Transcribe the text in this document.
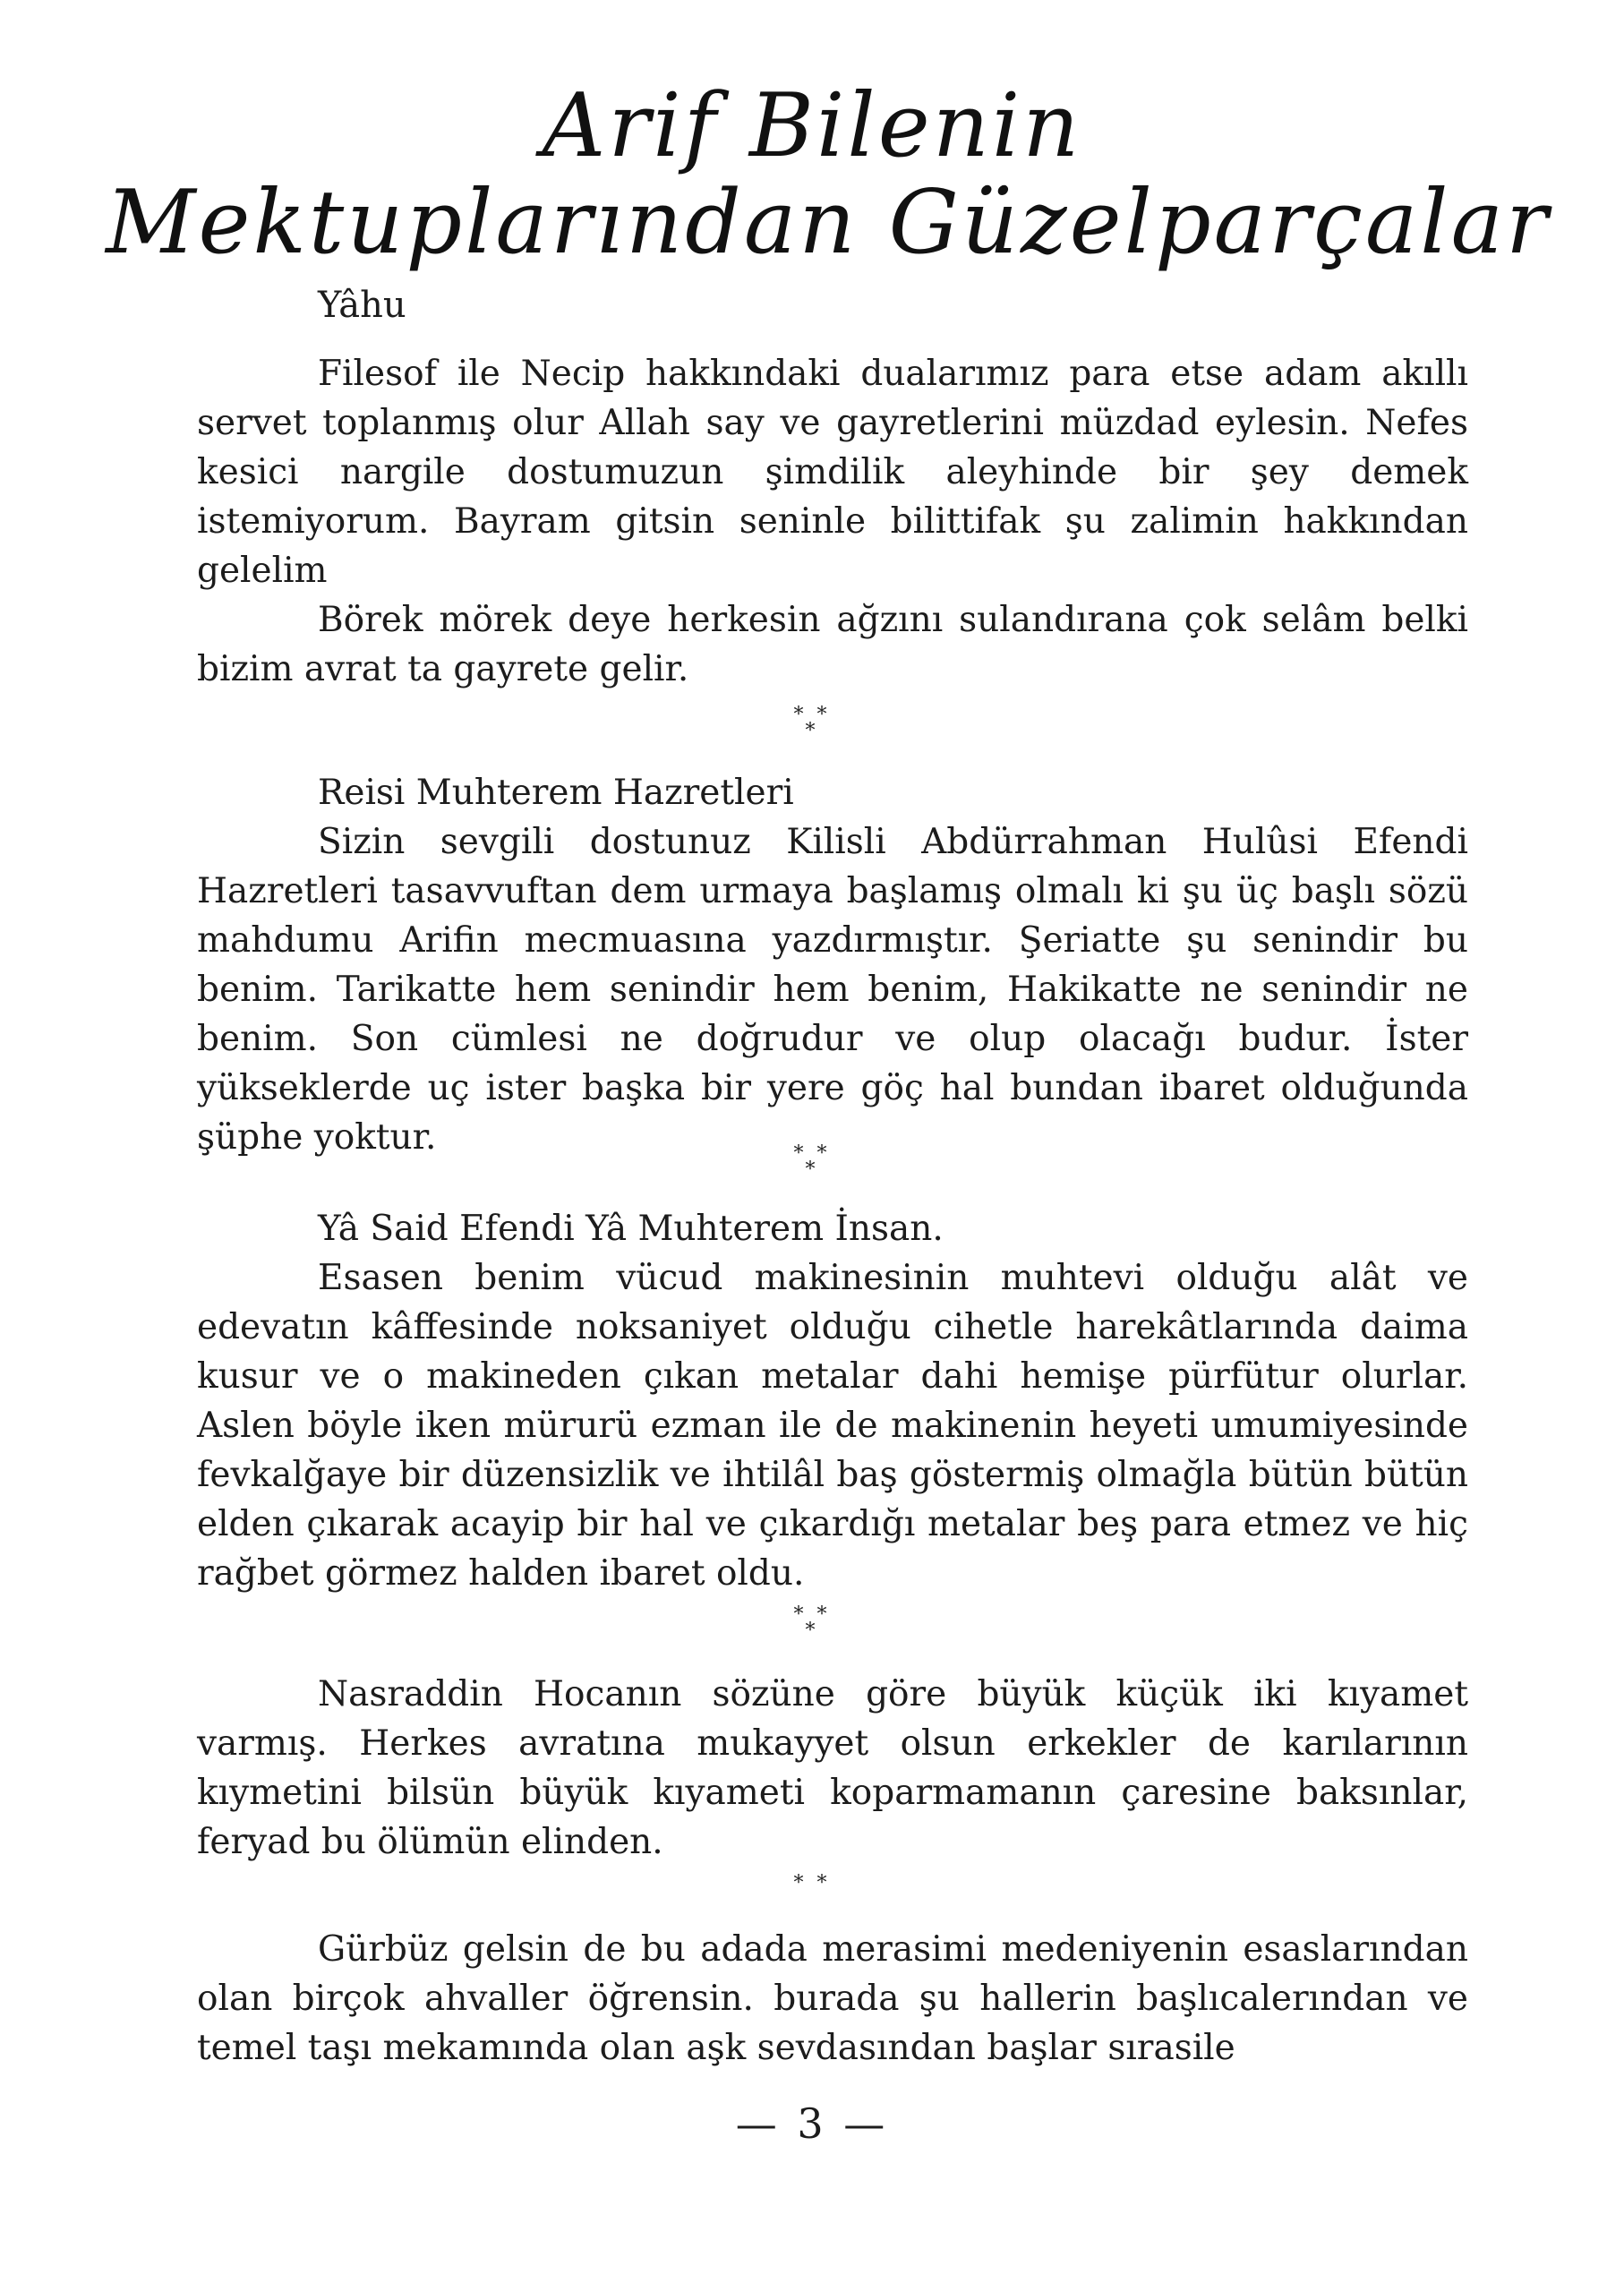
Arif Bilenin
Mektuplarından Güzelparçalar

Yâhu

Filesof ile Necip hakkındaki dualarımız para etse adam akıllı servet toplanmış olur Allah say ve gayretlerini müzdad eylesin. Nefes kesici nargile dostumuzun şimdilik aleyhinde bir şey demek istemiyorum. Bayram gitsin seninle bilittifak şu zalimin hakkından gelelim

Börek mörek deye herkesin ağzını sulandırana çok selâm belki bizim avrat ta gayrete gelir.

* *
*

Reisi Muhterem Hazretleri

Sizin sevgili dostunuz Kilisli Abdürrahman Hulûsi Efendi Hazretleri tasavvuftan dem urmaya başlamış olmalı ki şu üç başlı sözü mahdumu Arifin mecmuasına yazdırmıştır. Şeriatte şu senindir bu benim. Tarikatte hem senindir hem benim, Hakikatte ne senindir ne benim. Son cümlesi ne doğrudur ve olup olacağı budur. İster yükseklerde uç ister başka bir yere göç hal bundan ibaret olduğunda şüphe yoktur.	* *
*

Yâ Said Efendi Yâ Muhterem İnsan.

Esasen benim vücud makinesinin muhtevi olduğu alât ve edevatın kâffesinde noksaniyet olduğu cihetle harekâtlarında daima kusur ve o makineden çıkan metalar dahi hemişe pürfütur olurlar. Aslen böyle iken mürurü ezman ile de makinenin heyeti umumiyesinde fevkalğaye bir düzensizlik ve ihtilâl baş göstermiş olmağla bütün bütün elden çıkarak acayip bir hal ve çıkardığı metalar beş para etmez ve hiç rağbet görmez halden ibaret oldu.

* *
*

Nasraddin Hocanın sözüne göre büyük küçük iki kıyamet varmış. Herkes avratına mukayyet olsun erkekler de karılarının kıymetini bilsün büyük kıyameti koparmamanın çaresine baksınlar, feryad bu ölümün elinden.

* *

Gürbüz gelsin de bu adada merasimi medeniyenin esaslarından olan birçok ahvaller öğrensin. burada şu hallerin başlıcalerından ve temel taşı mekamında olan aşk sevdasından başlar sırasile

— 3 —
